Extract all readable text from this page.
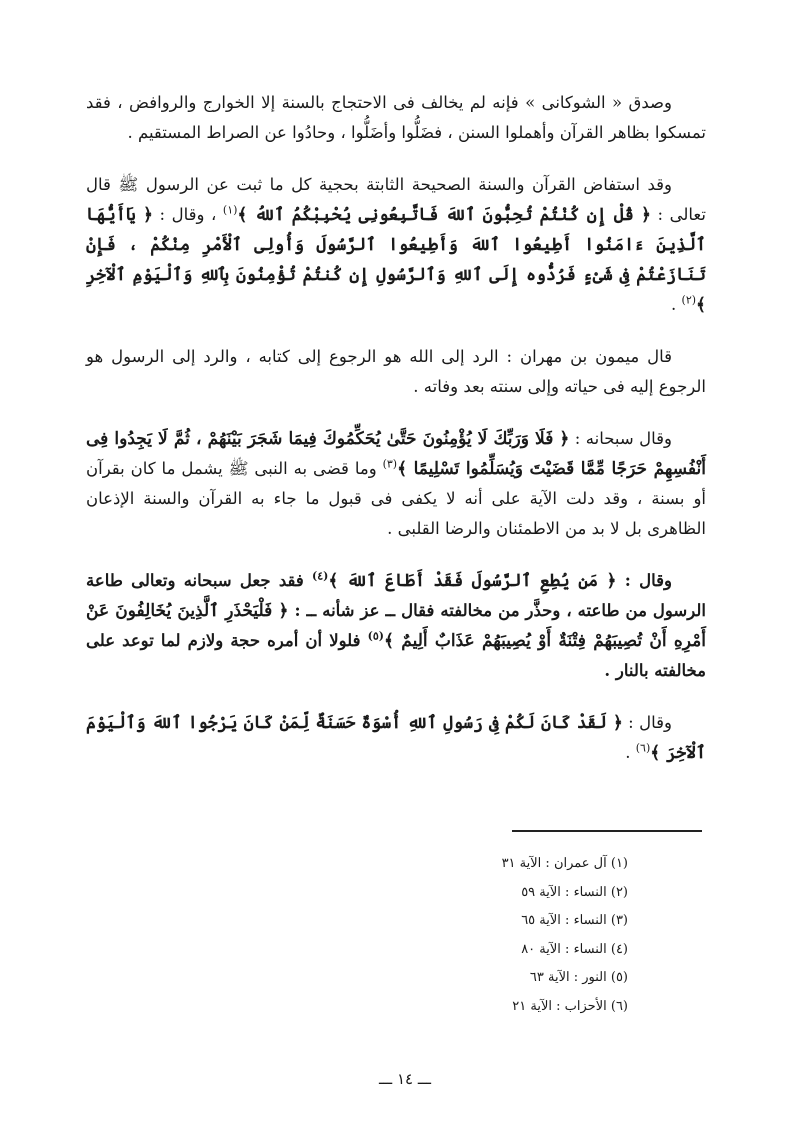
وصدق « الشوكانى » فإنه لم يخالف فى الاحتجاج بالسنة إلا الخوارج والروافض ، فقد تمسكوا بظاهر القرآن وأهملوا السنن ، فضَلُّوا وأضَلُّوا ، وحادُوا عن الصراط المستقيم .

وقد استفاض القرآن والسنة الصحيحة الثابتة بحجية كل ما ثبت عن الرسول ﷺ قال تعالى : ﴿ قُلْ إِن كُنْتُمْ تُحِبُّونَ ٱللهَ فَاتَّبِعُونِى يُحْبِبْكُمُ ٱللهُ ﴾$^{(١)}$ ، وقال : ﴿ يَاأَيُّهَا ٱلَّذِينَ ءَامَنُوا أَطِيعُوا ٱللهَ وَأَطِيعُوا ٱلرَّسُولَ وَأُولِى ٱلْأَمْرِ مِنْكُمْ ، فَإِنْ تَنَازَعْتُمْ فِى شَىْءٍ فَرُدُّوه إِلَى ٱللهِ وَٱلرَّسُولِ إِن كُنتُمْ تُؤْمِنُونَ بِٱللهِ وَٱلْيَوْمِ ٱلْآخِرِ ﴾$^{(٢)}$ .

قال ميمون بن مهران : الرد إلى الله هو الرجوع إلى كتابه ، والرد إلى الرسول هو الرجوع إليه فى حياته وإلى سنته بعد وفاته .

وقال سبحانه : ﴿ فَلَا وَرَبِّكَ لَا يُؤْمِنُونَ حَتَّىٰ يُحَكِّمُوكَ فِيمَا شَجَرَ بَيْنَهُمْ ، ثُمَّ لَا يَجِدُوا فِى أَنْفُسِهِمْ حَرَجًا مِّمَّا قَضَيْتَ وَيُسَلِّمُوا تَسْلِيمًا ﴾$^{(٣)}$ وما قضى به النبى ﷺ يشمل ما كان بقرآن أو بسنة ، وقد دلت الآية على أنه لا يكفى فى قبول ما جاء به القرآن والسنة الإذعان الظاهرى بل لا بد من الاطمئنان والرضا القلبى .

وقال : ﴿ مَن يُطِعِ ٱلرَّسُولَ فَقَدْ أَطَاعَ ٱللهَ ﴾$^{(٤)}$ فقد جعل سبحانه وتعالى طاعة الرسول من طاعته ، وحذَّر من مخالفته فقال ــ عز شأنه ــ : ﴿ فَلْيَحْذَرِ ٱلَّذِينَ يُخَالِفُونَ عَنْ أَمْرِهِ أَنْ تُصِيبَهُمْ فِتْنَةٌ أَوْ يُصِيبَهُمْ عَذَابٌ أَلِيمٌ ﴾$^{(٥)}$ فلولا أن أمره حجة ولازم لما توعد على مخالفته بالنار .

وقال : ﴿ لَقَدْ كَانَ لَكُمْ فِى رَسُولِ ٱللهِ أُسْوَةٌ حَسَنَةٌ لِّمَنْ كَانَ يَرْجُوا ٱللهَ وَٱلْيَوْمَ ٱلْآخِرَ ﴾$^{(٦)}$ .

(١) آل عمران : الآية ٣١
(٢) النساء : الآية ٥٩
(٣) النساء : الآية ٦٥
(٤) النساء : الآية ٨٠
(٥) النور : الآية ٦٣
(٦) الأحزاب : الآية ٢١
ـــ ١٤ ـــ
